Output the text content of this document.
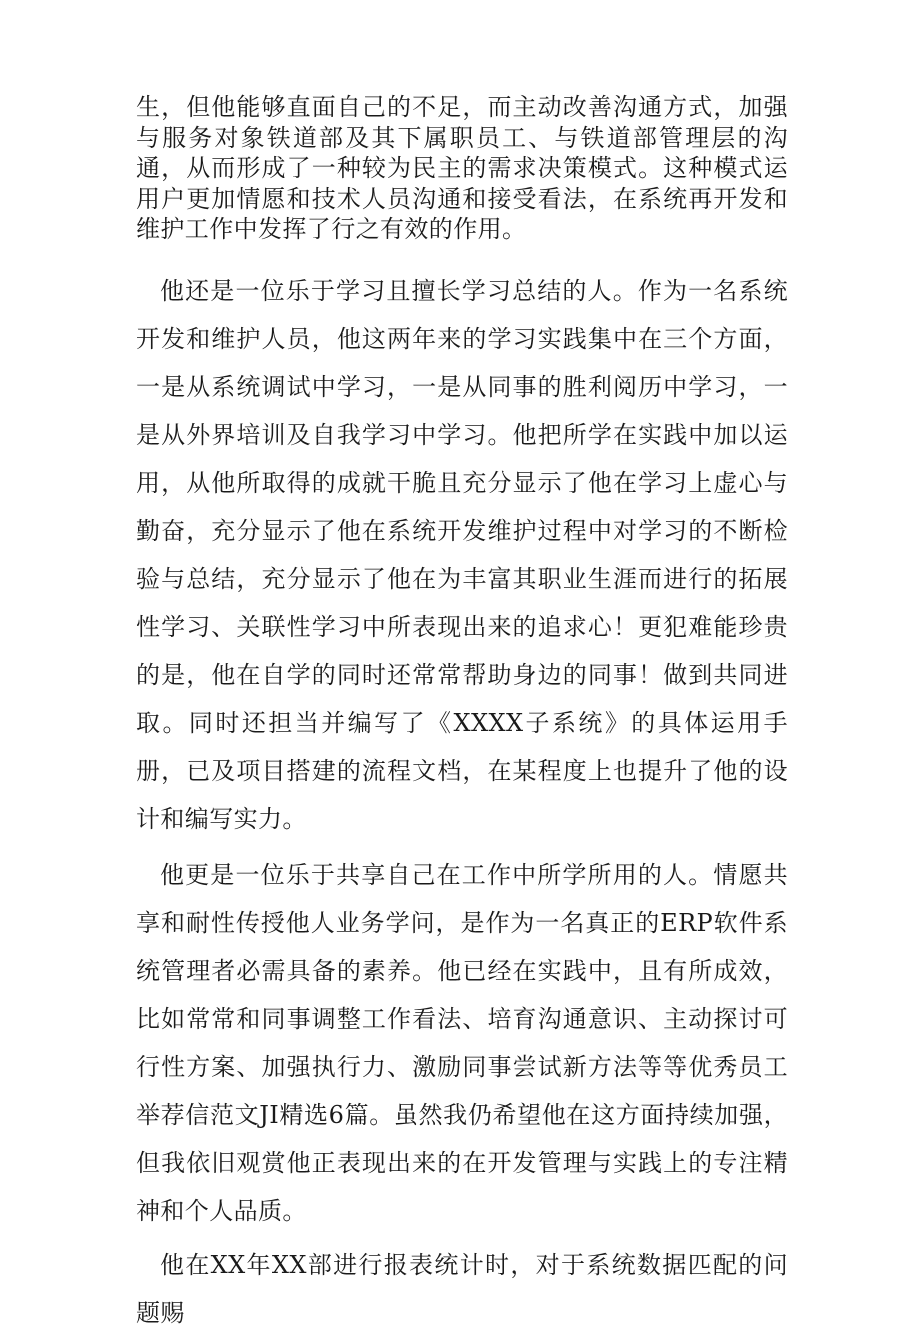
生，但他能够直面自己的不足，而主动改善沟通方式，加强与服务对象铁道部及其下属职员工、与铁道部管理层的沟通，从而形成了一种较为民主的需求决策模式。这种模式运用户更加情愿和技术人员沟通和接受看法，在系统再开发和维护工作中发挥了行之有效的作用。

他还是一位乐于学习且擅长学习总结的人。作为一名系统开发和维护人员，他这两年来的学习实践集中在三个方面，一是从系统调试中学习，一是从同事的胜利阅历中学习，一是从外界培训及自我学习中学习。他把所学在实践中加以运用，从他所取得的成就干脆且充分显示了他在学习上虚心与勤奋，充分显示了他在系统开发维护过程中对学习的不断检验与总结，充分显示了他在为丰富其职业生涯而进行的拓展性学习、关联性学习中所表现出来的追求心！更犯难能珍贵的是，他在自学的同时还常常帮助身边的同事！做到共同进取。同时还担当并编写了《XXXX子系统》的具体运用手册，已及项目搭建的流程文档，在某程度上也提升了他的设计和编写实力。

他更是一位乐于共享自己在工作中所学所用的人。情愿共享和耐性传授他人业务学问，是作为一名真正的ERP软件系统管理者必需具备的素养。他已经在实践中，且有所成效，比如常常和同事调整工作看法、培育沟通意识、主动探讨可行性方案、加强执行力、激励同事尝试新方法等等优秀员工举荐信范文JI精选6篇。虽然我仍希望他在这方面持续加强，但我依旧观赏他正表现出来的在开发管理与实践上的专注精神和个人品质。

他在XX年XX部进行报表统计时，对于系统数据匹配的问题赐
